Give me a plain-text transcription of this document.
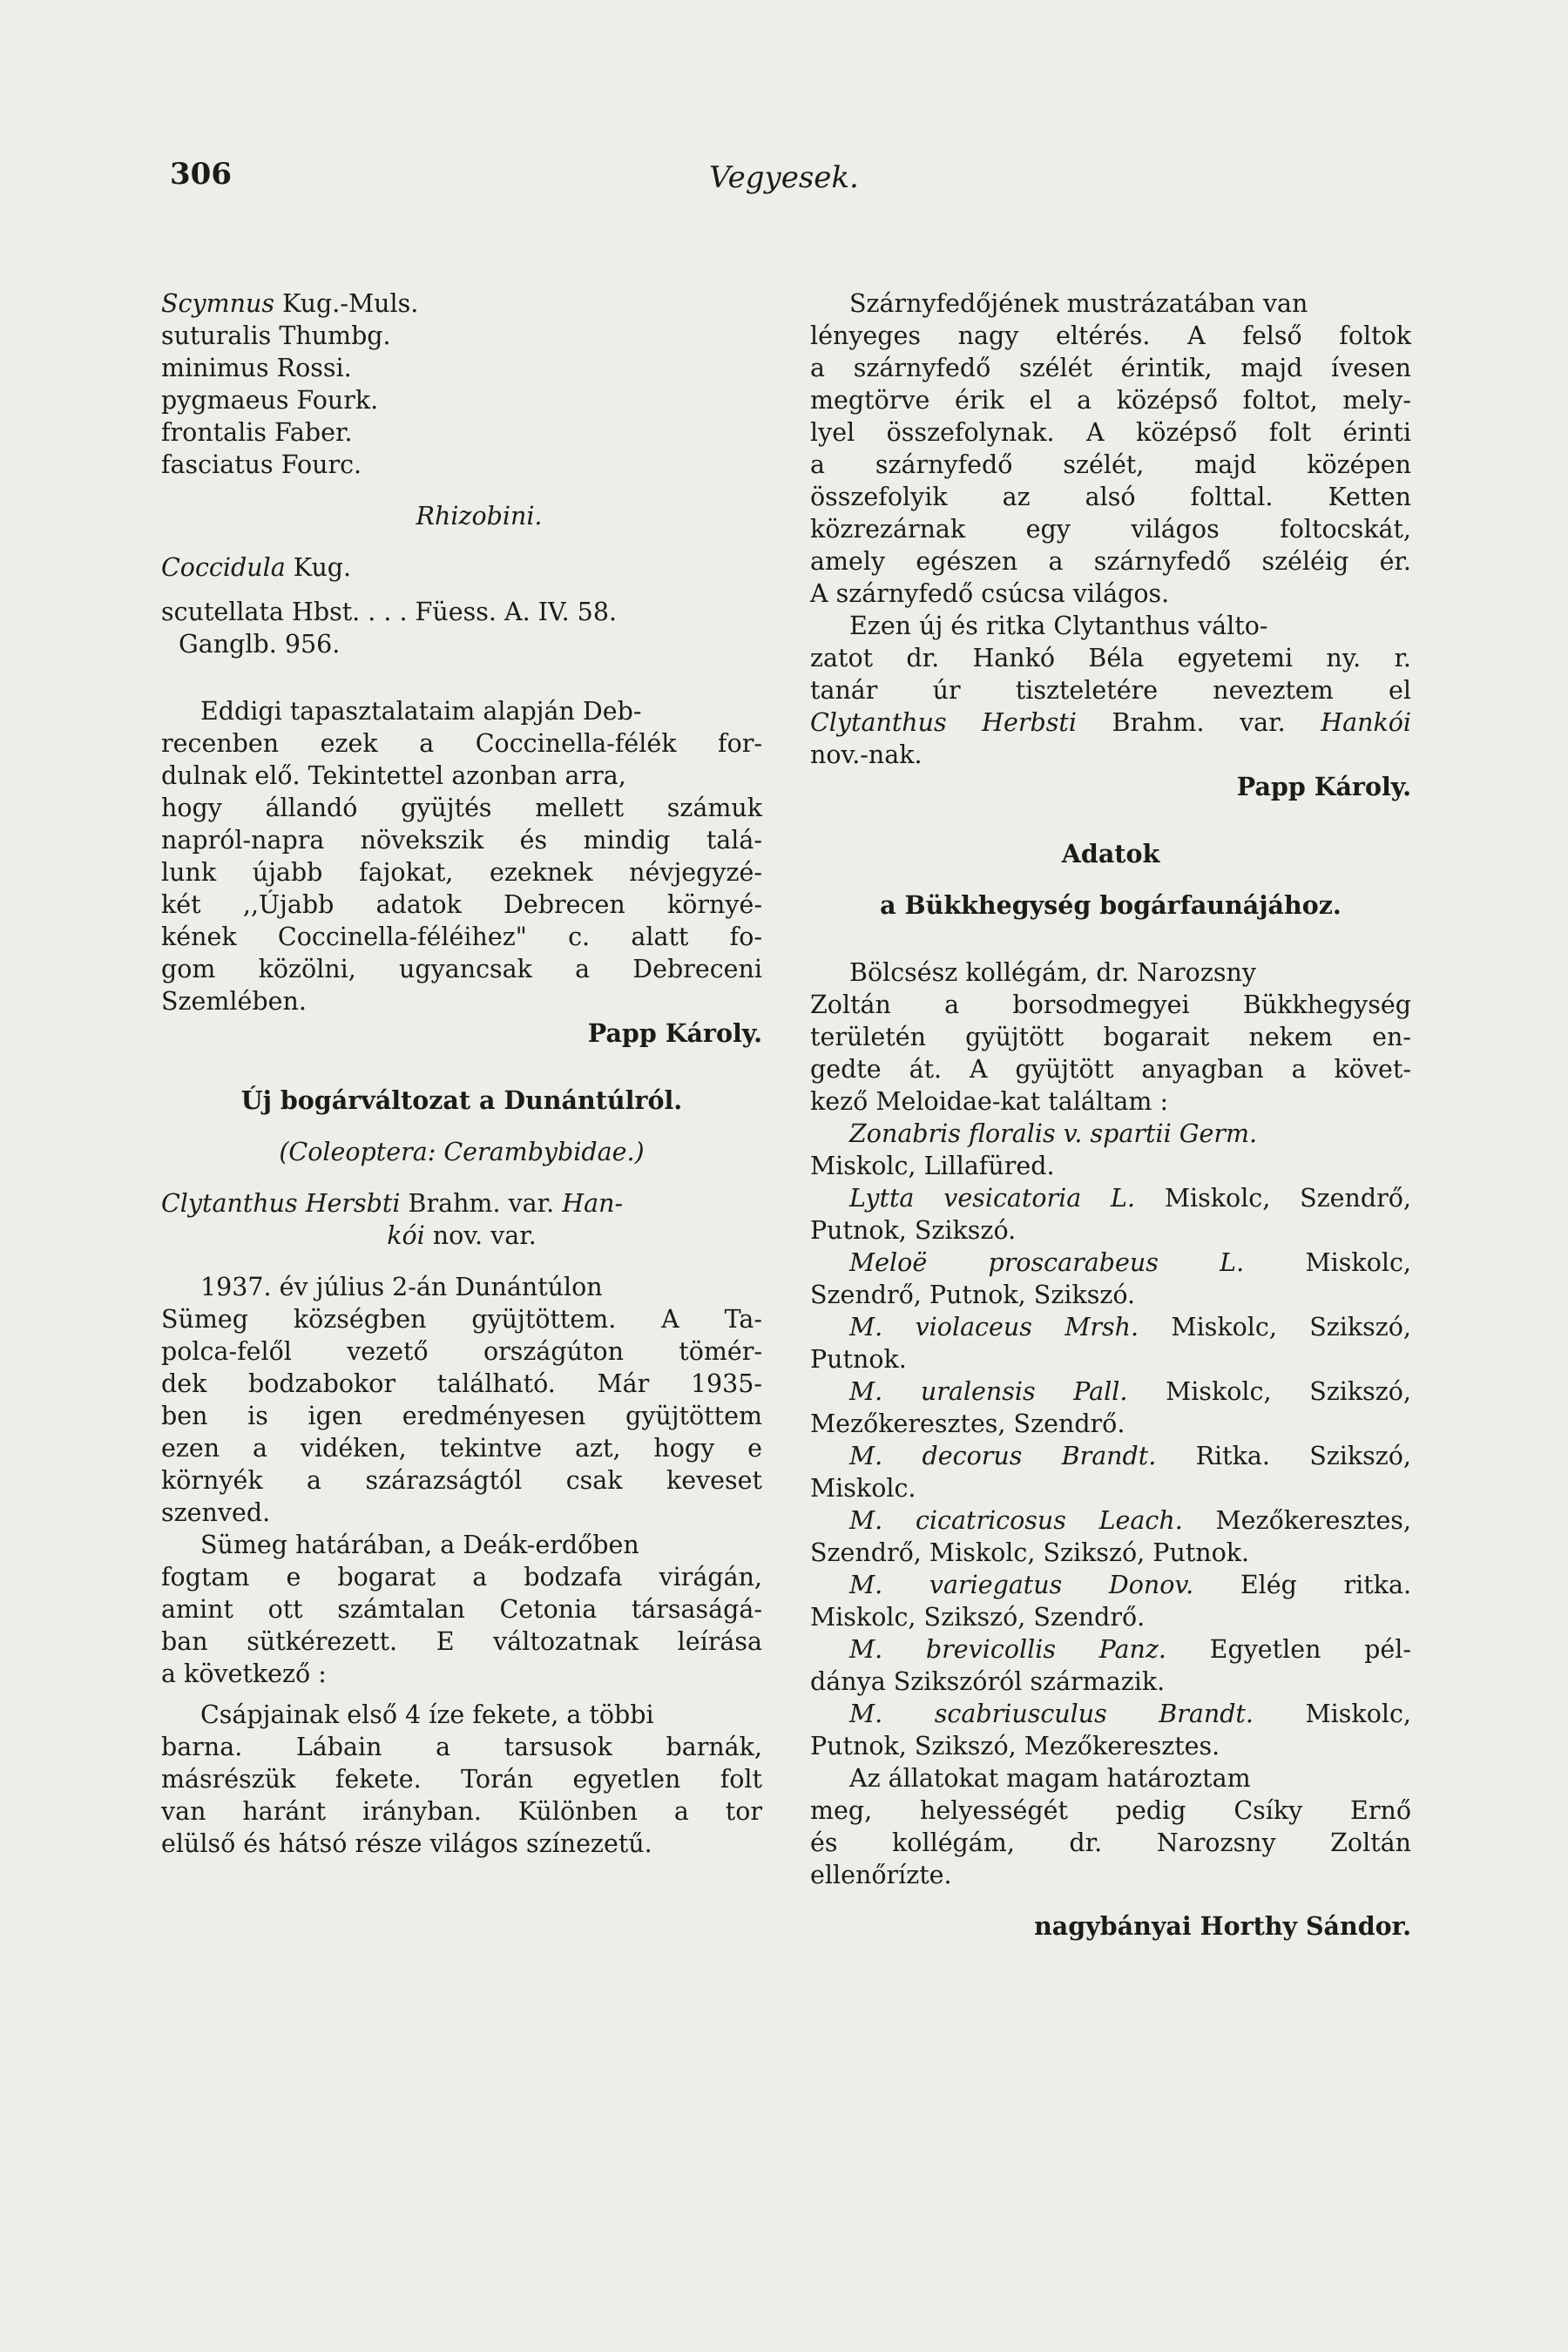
306	Vegyesek.
Scymnus Kug.-Muls.
suturalis Thumbg.
minimus Rossi.
pygmaeus Fourk.
frontalis Faber.
fasciatus Fourc.
Rhizobini.
Coccidula Kug.
scutellata Hbst. . . . Füess. A. IV. 58.
Ganglb. 956.
Eddigi tapasztalataim alapján Deb-
recenben ezek a Coccinella-félék for-
dulnak elő. Tekintettel azonban arra,
hogy állandó gyüjtés mellett számuk
napról-napra növekszik és mindig talá-
lunk újabb fajokat, ezeknek névjegyzé-
két ,,Újabb adatok Debrecen környé-
kének Coccinella-féléihez" c. alatt fo-
gom közölni, ugyancsak a Debreceni
Szemlében.
Papp Károly.
Új bogárváltozat a Dunántúlról.
(Coleoptera: Cerambybidae.)
Clytanthus Hersbti Brahm. var. Han-
kói nov. var.
1937. év július 2-án Dunántúlon
Sümeg községben gyüjtöttem. A Ta-
polca-felől vezető országúton tömér-
dek bodzabokor található. Már 1935-
ben is igen eredményesen gyüjtöttem
ezen a vidéken, tekintve azt, hogy e
környék a szárazságtól csak keveset
szenved.
Sümeg határában, a Deák-erdőben
fogtam e bogarat a bodzafa virágán,
amint ott számtalan Cetonia társaságá-
ban sütkérezett. E változatnak leírása
a következő :
Csápjainak első 4 íze fekete, a többi
barna. Lábain a tarsusok barnák,
másrészük fekete. Torán egyetlen folt
van haránt irányban. Különben a tor
elülső és hátsó része világos színezetű.
Szárnyfedőjének mustrázatában van
lényeges nagy eltérés. A felső foltok
a szárnyfedő szélét érintik, majd ívesen
megtörve érik el a középső foltot, mely-
lyel összefolynak. A középső folt érinti
a szárnyfedő szélét, majd középen
összefolyik az alsó folttal. Ketten
közrezárnak egy világos foltocskát,
amely egészen a szárnyfedő széléig ér.
A szárnyfedő csúcsa világos.
Ezen új és ritka Clytanthus válto-
zatot dr. Hankó Béla egyetemi ny. r.
tanár úr tiszteletére neveztem el
Clytanthus Herbsti Brahm. var. Hankói
nov.-nak.
Papp Károly.
Adatok
a Bükkhegység bogárfaunájához.
Bölcsész kollégám, dr. Narozsny
Zoltán a borsodmegyei Bükkhegység
területén gyüjtött bogarait nekem en-
gedte át. A gyüjtött anyagban a követ-
kező Meloidae-kat találtam :
Zonabris floralis v. spartii Germ.
Miskolc, Lillafüred.
Lytta vesicatoria L. Miskolc, Szendrő,
Putnok, Szikszó.
Meloë proscarabeus L. Miskolc,
Szendrő, Putnok, Szikszó.
M. violaceus Mrsh. Miskolc, Szikszó,
Putnok.
M. uralensis Pall. Miskolc, Szikszó,
Mezőkeresztes, Szendrő.
M. decorus Brandt. Ritka. Szikszó,
Miskolc.
M. cicatricosus Leach. Mezőkeresztes,
Szendrő, Miskolc, Szikszó, Putnok.
M. variegatus Donov. Elég ritka.
Miskolc, Szikszó, Szendrő.
M. brevicollis Panz. Egyetlen pél-
dánya Szikszóról származik.
M. scabriusculus Brandt. Miskolc,
Putnok, Szikszó, Mezőkeresztes.
Az állatokat magam határoztam
meg, helyességét pedig Csíky Ernő
és kollégám, dr. Narozsny Zoltán
ellenőrízte.
nagybányai Horthy Sándor.
